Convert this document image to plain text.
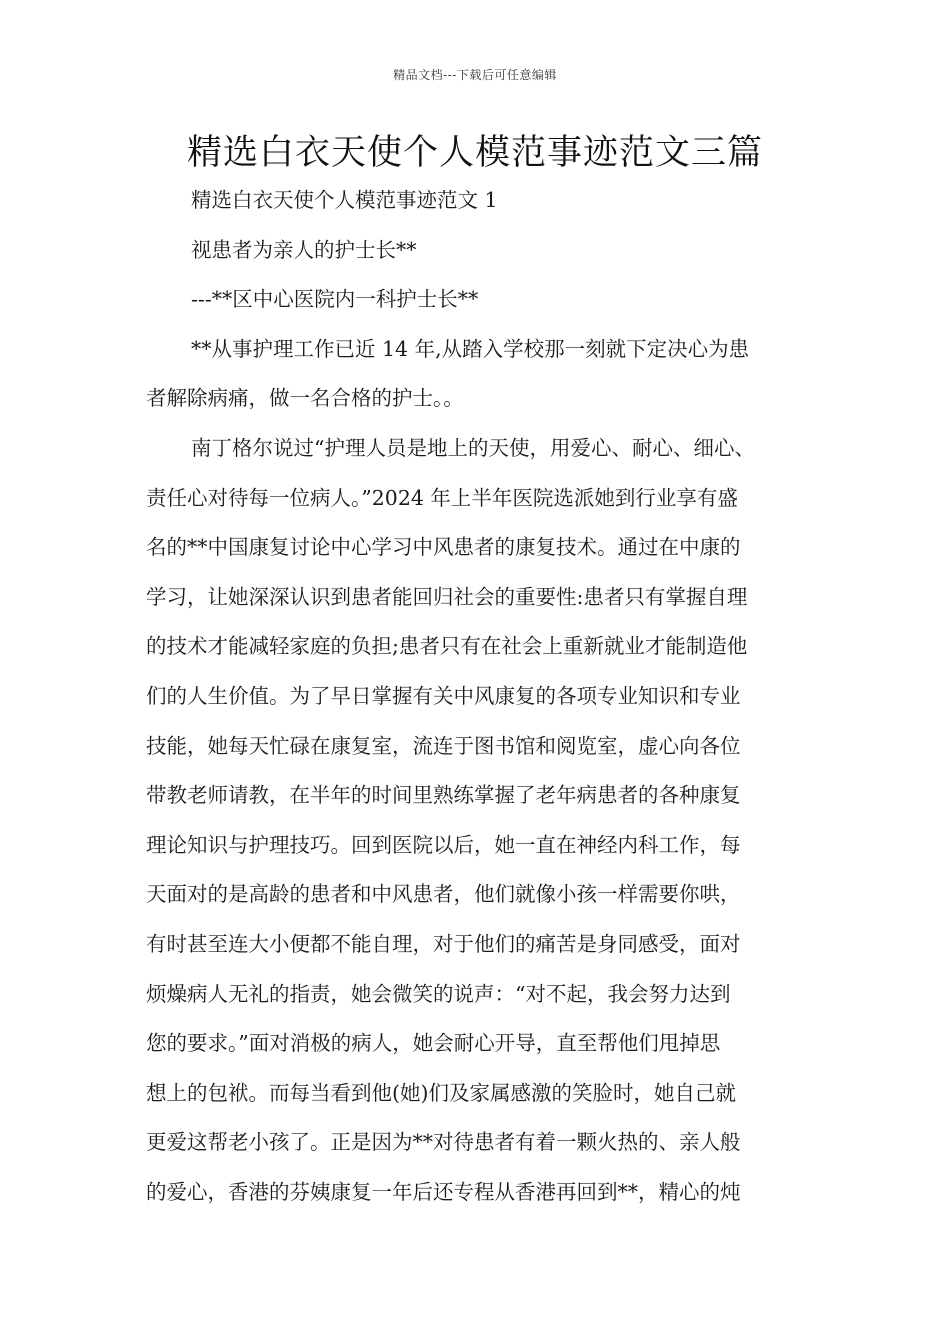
精品文档---下载后可任意编辑
精选白衣天使个人模范事迹范文三篇

精选白衣天使个人模范事迹范文 1

视患者为亲人的护士长**

---**区中心医院内一科护士长**

**从事护理工作已近 14 年,从踏入学校那一刻就下定决心为患

者解除病痛，做一名合格的护士。。

南丁格尔说过“护理人员是地上的天使，用爱心、耐心、细心、

责任心对待每一位病人。”2024 年上半年医院选派她到行业享有盛

名的**中国康复讨论中心学习中风患者的康复技术。通过在中康的

学习，让她深深认识到患者能回归社会的重要性:患者只有掌握自理

的技术才能减轻家庭的负担;患者只有在社会上重新就业才能制造他

们的人生价值。为了早日掌握有关中风康复的各项专业知识和专业

技能，她每天忙碌在康复室，流连于图书馆和阅览室，虚心向各位

带教老师请教，在半年的时间里熟练掌握了老年病患者的各种康复

理论知识与护理技巧。回到医院以后，她一直在神经内科工作，每

天面对的是高龄的患者和中风患者，他们就像小孩一样需要你哄，

有时甚至连大小便都不能自理，对于他们的痛苦是身同感受，面对

烦燥病人无礼的指责，她会微笑的说声：“对不起，我会努力达到

您的要求。”面对消极的病人，她会耐心开导，直至帮他们甩掉思

想上的包袱。而每当看到他(她)们及家属感激的笑脸时，她自己就

更爱这帮老小孩了。正是因为**对待患者有着一颗火热的、亲人般

的爱心，香港的芬姨康复一年后还专程从香港再回到**，精心的炖
